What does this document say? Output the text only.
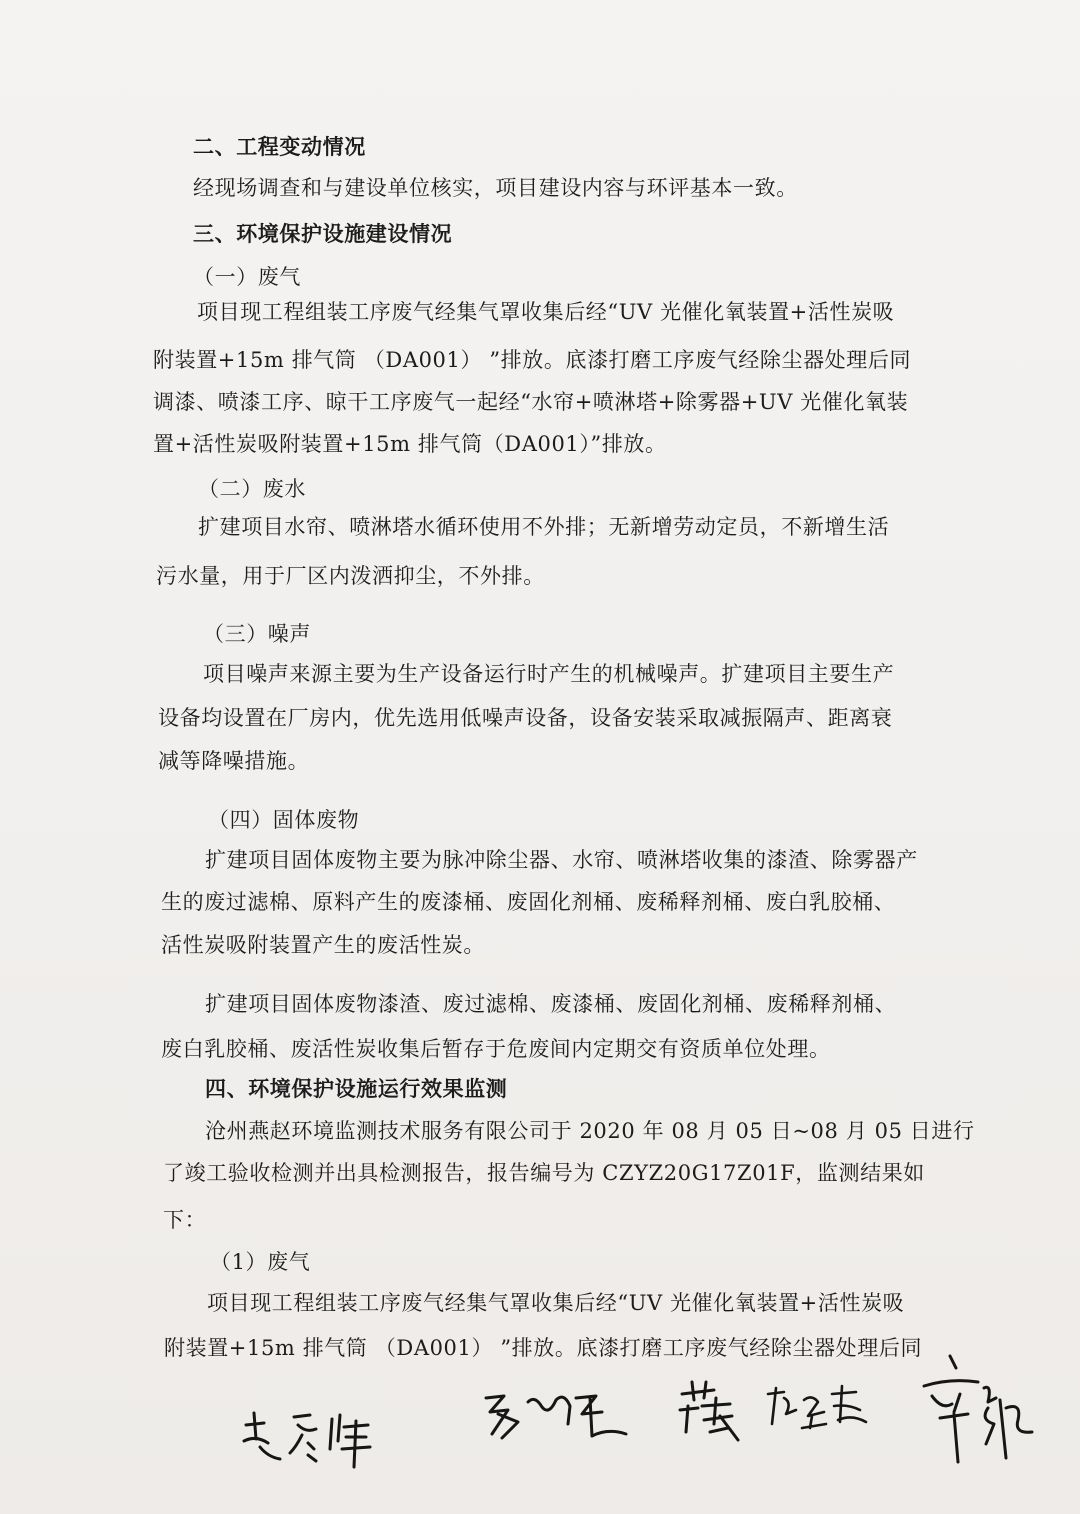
二、工程变动情况
经现场调查和与建设单位核实，项目建设内容与环评基本一致。
三、环境保护设施建设情况
（一）废气
项目现工程组装工序废气经集气罩收集后经“UV 光催化氧装置+活性炭吸
附装置+15m 排气筒 （DA001） ”排放。底漆打磨工序废气经除尘器处理后同
调漆、喷漆工序、晾干工序废气一起经“水帘+喷淋塔+除雾器+UV 光催化氧装
置+活性炭吸附装置+15m 排气筒（DA001）”排放。
（二）废水
扩建项目水帘、喷淋塔水循环使用不外排；无新增劳动定员，不新增生活
污水量，用于厂区内泼洒抑尘，不外排。
（三）噪声
项目噪声来源主要为生产设备运行时产生的机械噪声。扩建项目主要生产
设备均设置在厂房内，优先选用低噪声设备，设备安装采取减振隔声、距离衰
减等降噪措施。
（四）固体废物
扩建项目固体废物主要为脉冲除尘器、水帘、喷淋塔收集的漆渣、除雾器产
生的废过滤棉、原料产生的废漆桶、废固化剂桶、废稀释剂桶、废白乳胶桶、
活性炭吸附装置产生的废活性炭。
扩建项目固体废物漆渣、废过滤棉、废漆桶、废固化剂桶、废稀释剂桶、
废白乳胶桶、废活性炭收集后暂存于危废间内定期交有资质单位处理。
四、环境保护设施运行效果监测
沧州燕赵环境监测技术服务有限公司于 2020 年 08 月 05 日~08 月 05 日进行
了竣工验收检测并出具检测报告，报告编号为 CZYZ20G17Z01F，监测结果如
下：
（1）废气
项目现工程组装工序废气经集气罩收集后经“UV 光催化氧装置+活性炭吸
附装置+15m 排气筒 （DA001） ”排放。底漆打磨工序废气经除尘器处理后同
